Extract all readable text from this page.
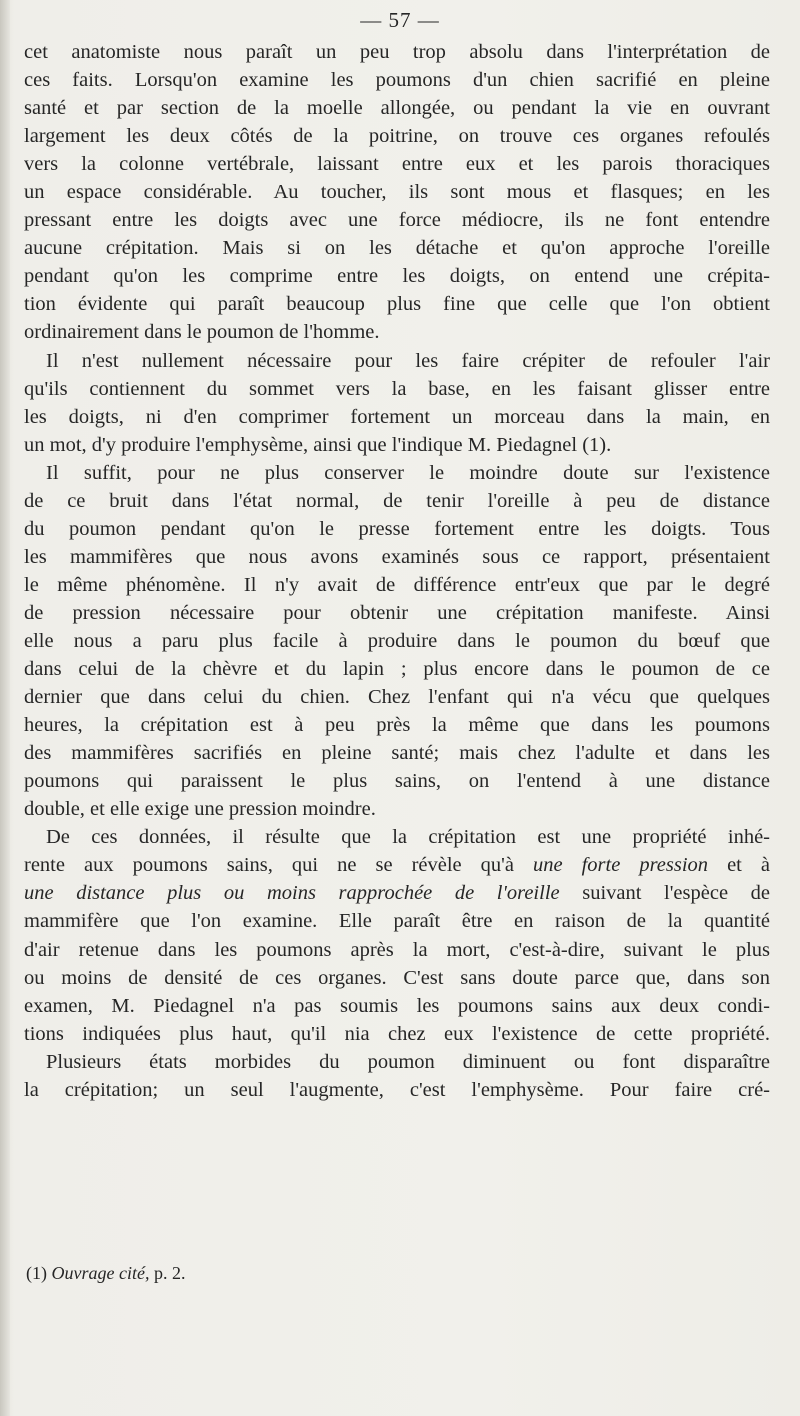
— 57 —
cet anatomiste nous paraît un peu trop absolu dans l'interprétation de
ces faits. Lorsqu'on examine les poumons d'un chien sacrifié en pleine
santé et par section de la moelle allongée, ou pendant la vie en ouvrant
largement les deux côtés de la poitrine, on trouve ces organes refoulés
vers la colonne vertébrale, laissant entre eux et les parois thoraciques
un espace considérable. Au toucher, ils sont mous et flasques; en les
pressant entre les doigts avec une force médiocre, ils ne font entendre
aucune crépitation. Mais si on les détache et qu'on approche l'oreille
pendant qu'on les comprime entre les doigts, on entend une crépita-
tion évidente qui paraît beaucoup plus fine que celle que l'on obtient
ordinairement dans le poumon de l'homme.
Il n'est nullement nécessaire pour les faire crépiter de refouler l'air
qu'ils contiennent du sommet vers la base, en les faisant glisser entre
les doigts, ni d'en comprimer fortement un morceau dans la main, en
un mot, d'y produire l'emphysème, ainsi que l'indique M. Piedagnel (1).
Il suffit, pour ne plus conserver le moindre doute sur l'existence
de ce bruit dans l'état normal, de tenir l'oreille à peu de distance
du poumon pendant qu'on le presse fortement entre les doigts. Tous
les mammifères que nous avons examinés sous ce rapport, présentaient
le même phénomène. Il n'y avait de différence entr'eux que par le degré
de pression nécessaire pour obtenir une crépitation manifeste. Ainsi
elle nous a paru plus facile à produire dans le poumon du bœuf que
dans celui de la chèvre et du lapin ; plus encore dans le poumon de ce
dernier que dans celui du chien. Chez l'enfant qui n'a vécu que quelques
heures, la crépitation est à peu près la même que dans les poumons
des mammifères sacrifiés en pleine santé; mais chez l'adulte et dans les
poumons qui paraissent le plus sains, on l'entend à une distance
double, et elle exige une pression moindre.
De ces données, il résulte que la crépitation est une propriété inhé-
rente aux poumons sains, qui ne se révèle qu'à une forte pression et à
une distance plus ou moins rapprochée de l'oreille suivant l'espèce de
mammifère que l'on examine. Elle paraît être en raison de la quantité
d'air retenue dans les poumons après la mort, c'est-à-dire, suivant le plus
ou moins de densité de ces organes. C'est sans doute parce que, dans son
examen, M. Piedagnel n'a pas soumis les poumons sains aux deux condi-
tions indiquées plus haut, qu'il nia chez eux l'existence de cette propriété.
Plusieurs états morbides du poumon diminuent ou font disparaître
la crépitation; un seul l'augmente, c'est l'emphysème. Pour faire cré-
(1) Ouvrage cité, p. 2.
